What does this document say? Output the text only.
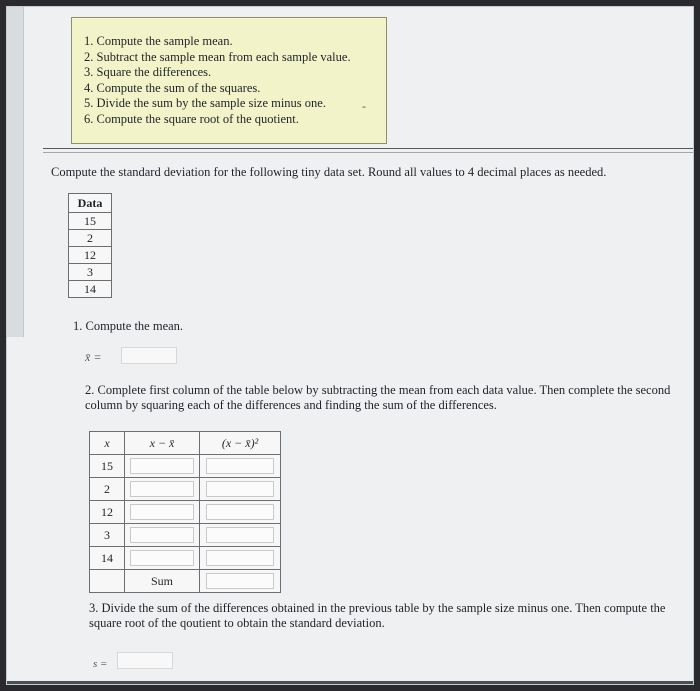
1. Compute the sample mean.
2. Subtract the sample mean from each sample value.
3. Square the differences.
4. Compute the sum of the squares.
5. Divide the sum by the sample size minus one.
6. Compute the square root of the quotient.
-
Compute the standard deviation for the following tiny data set. Round all values to 4 decimal places as needed.
Data
15
2
12
3
14
1. Compute the mean.
x̄ =
2. Complete first column of the table below by subtracting the mean from each data value. Then complete the second column by squaring each of the differences and finding the sum of the differences.
x	x − x̄	(x − x̄)²
15	

2	

12	

3	

14	

	Sum	
3. Divide the sum of the differences obtained in the previous table by the sample size minus one. Then compute the square root of the qoutient to obtain the standard deviation.
s =
